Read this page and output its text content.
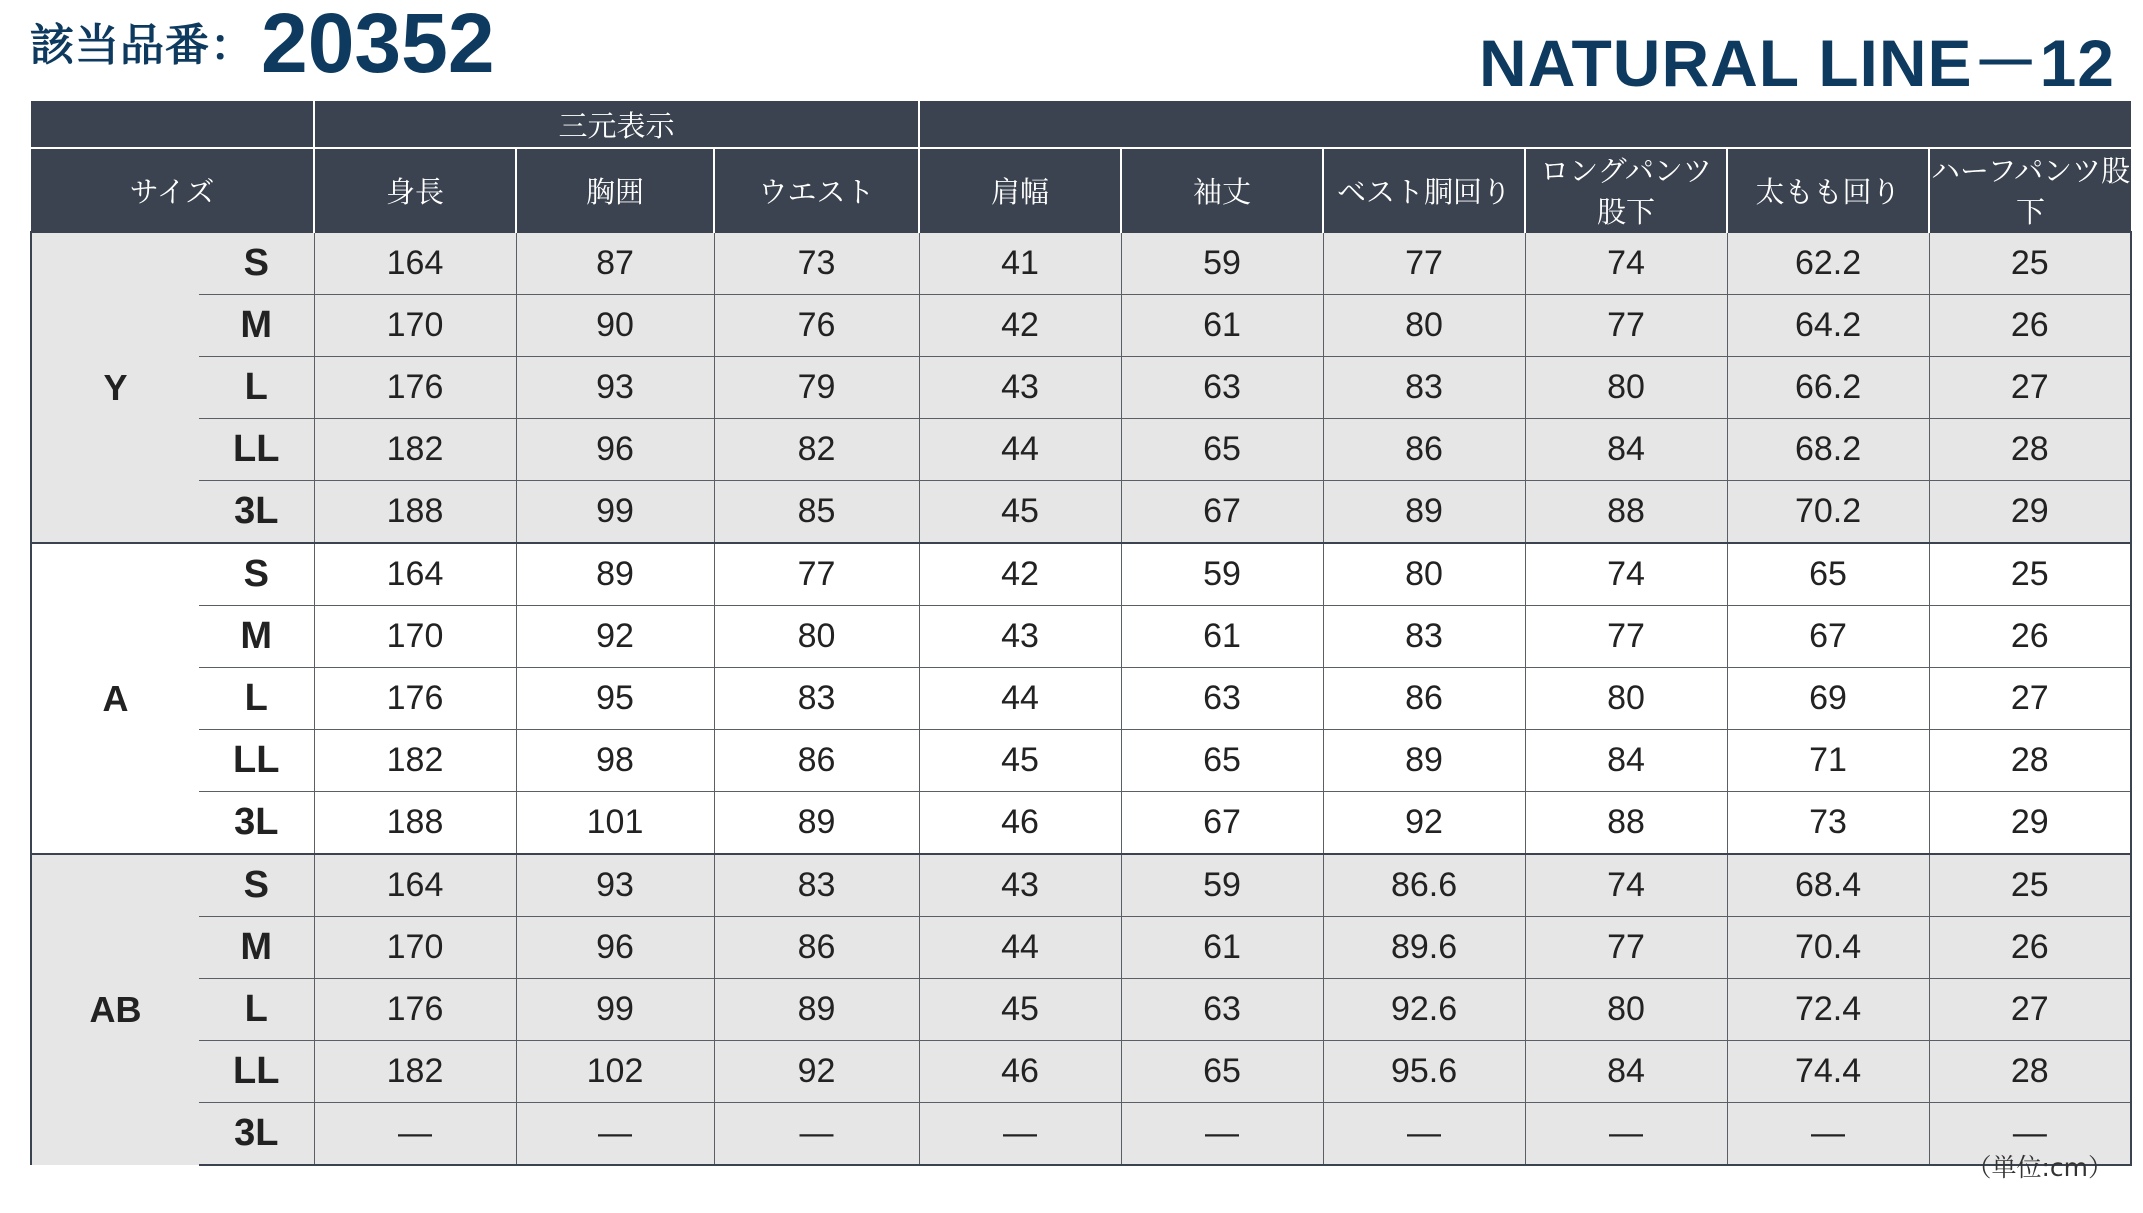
該当品番： 20352	NATURAL LINE－12
		三元表示								
サイズ		身長	胸囲	ウエスト	肩幅	袖丈	ベスト胴回り	ロングパンツ股下	太もも回り	ハーフパンツ股下
Y	S	164	87	73	41	59	77	74	62.2	25
	M	170	90	76	42	61	80	77	64.2	26
	L	176	93	79	43	63	83	80	66.2	27
	LL	182	96	82	44	65	86	84	68.2	28
	3L	188	99	85	45	67	89	88	70.2	29
A	S	164	89	77	42	59	80	74	65	25
	M	170	92	80	43	61	83	77	67	26
	L	176	95	83	44	63	86	80	69	27
	LL	182	98	86	45	65	89	84	71	28
	3L	188	101	89	46	67	92	88	73	29
AB	S	164	93	83	43	59	86.6	74	68.4	25
	M	170	96	86	44	61	89.6	77	70.4	26
	L	176	99	89	45	63	92.6	80	72.4	27
	LL	182	102	92	46	65	95.6	84	74.4	28
	3L	—	—	—	—	—	—	—	—	—
（単位:cm）
